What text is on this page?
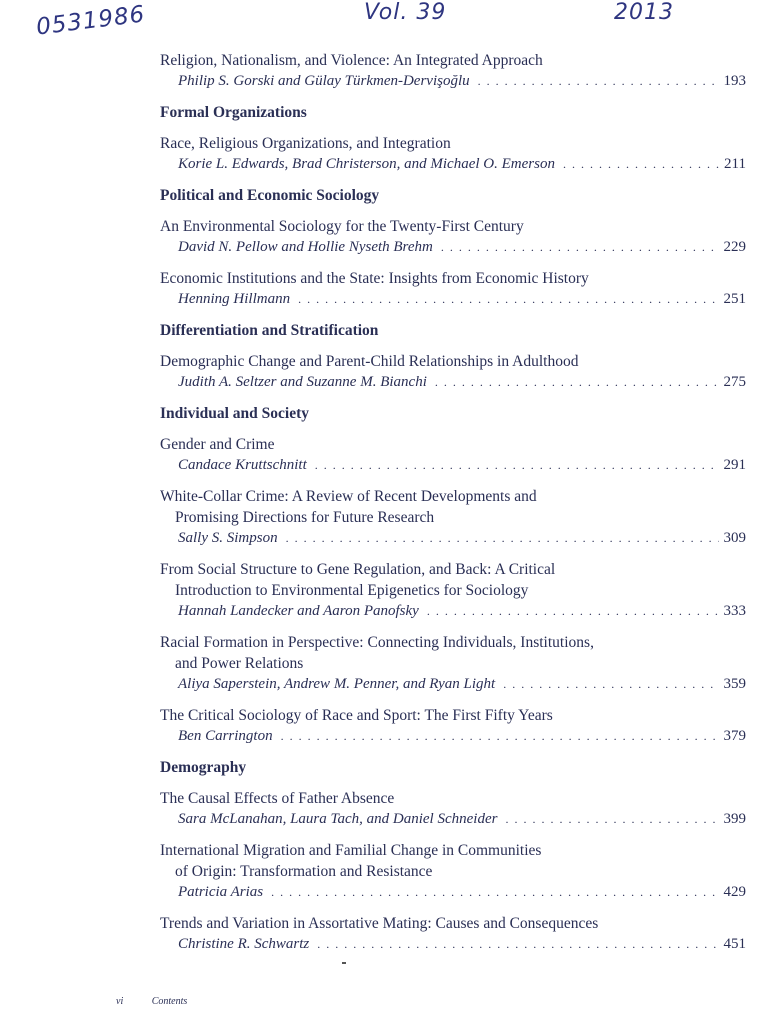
0531986	Vol. 39	2013
Religion, Nationalism, and Violence: An Integrated Approach
Philip S. Gorski and Gülay Türkmen-Dervişoğlu . . .	193
Formal Organizations
Race, Religious Organizations, and Integration
Korie L. Edwards, Brad Christerson, and Michael O. Emerson . . .	211
Political and Economic Sociology
An Environmental Sociology for the Twenty-First Century
David N. Pellow and Hollie Nyseth Brehm . . .	229
Economic Institutions and the State: Insights from Economic History
Henning Hillmann . . .	251
Differentiation and Stratification
Demographic Change and Parent-Child Relationships in Adulthood
Judith A. Seltzer and Suzanne M. Bianchi . . .	275
Individual and Society
Gender and Crime
Candace Kruttschnitt . . .	291
White-Collar Crime: A Review of Recent Developments and
Promising Directions for Future Research
Sally S. Simpson . . .	309
From Social Structure to Gene Regulation, and Back: A Critical
Introduction to Environmental Epigenetics for Sociology
Hannah Landecker and Aaron Panofsky . . .	333
Racial Formation in Perspective: Connecting Individuals, Institutions,
and Power Relations
Aliya Saperstein, Andrew M. Penner, and Ryan Light . . .	359
The Critical Sociology of Race and Sport: The First Fifty Years
Ben Carrington . . .	379
Demography
The Causal Effects of Father Absence
Sara McLanahan, Laura Tach, and Daniel Schneider . . .	399
International Migration and Familial Change in Communities
of Origin: Transformation and Resistance
Patricia Arias . . .	429
Trends and Variation in Assortative Mating: Causes and Consequences
Christine R. Schwartz . . .	451
vi	Contents
